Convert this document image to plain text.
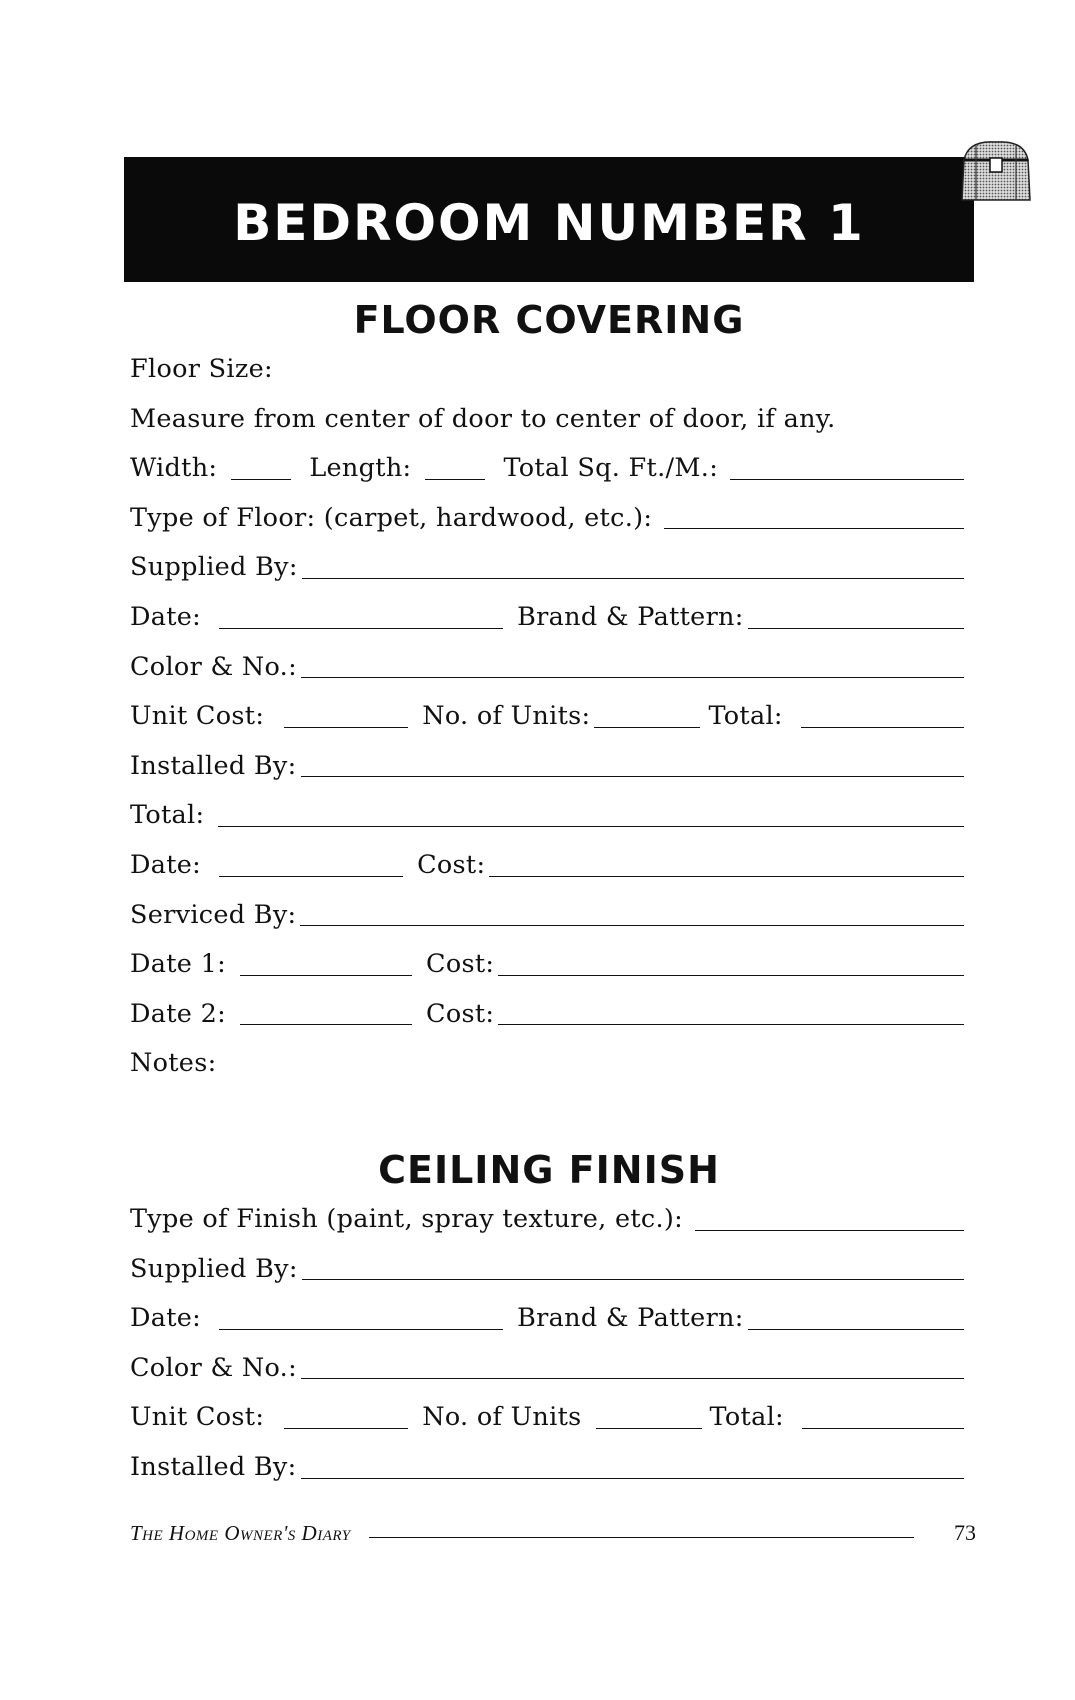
BEDROOM NUMBER 1
FLOOR COVERING
Floor Size:
Measure from center of door to center of door, if any.
Width:	Length:	Total Sq. Ft./M.:
Type of Floor: (carpet, hardwood, etc.):
Supplied By:
Date:	Brand & Pattern:
Color & No.:
Unit Cost:	No. of Units:	Total:
Installed By:
Total:
Date:	Cost:
Serviced By:
Date 1:	Cost:
Date 2:	Cost:
Notes:
CEILING FINISH
Type of Finish (paint, spray texture, etc.):
Supplied By:
Date:	Brand & Pattern:
Color & No.:
Unit Cost:	No. of Units	Total:
Installed By:
The Home Owner's Diary	73
